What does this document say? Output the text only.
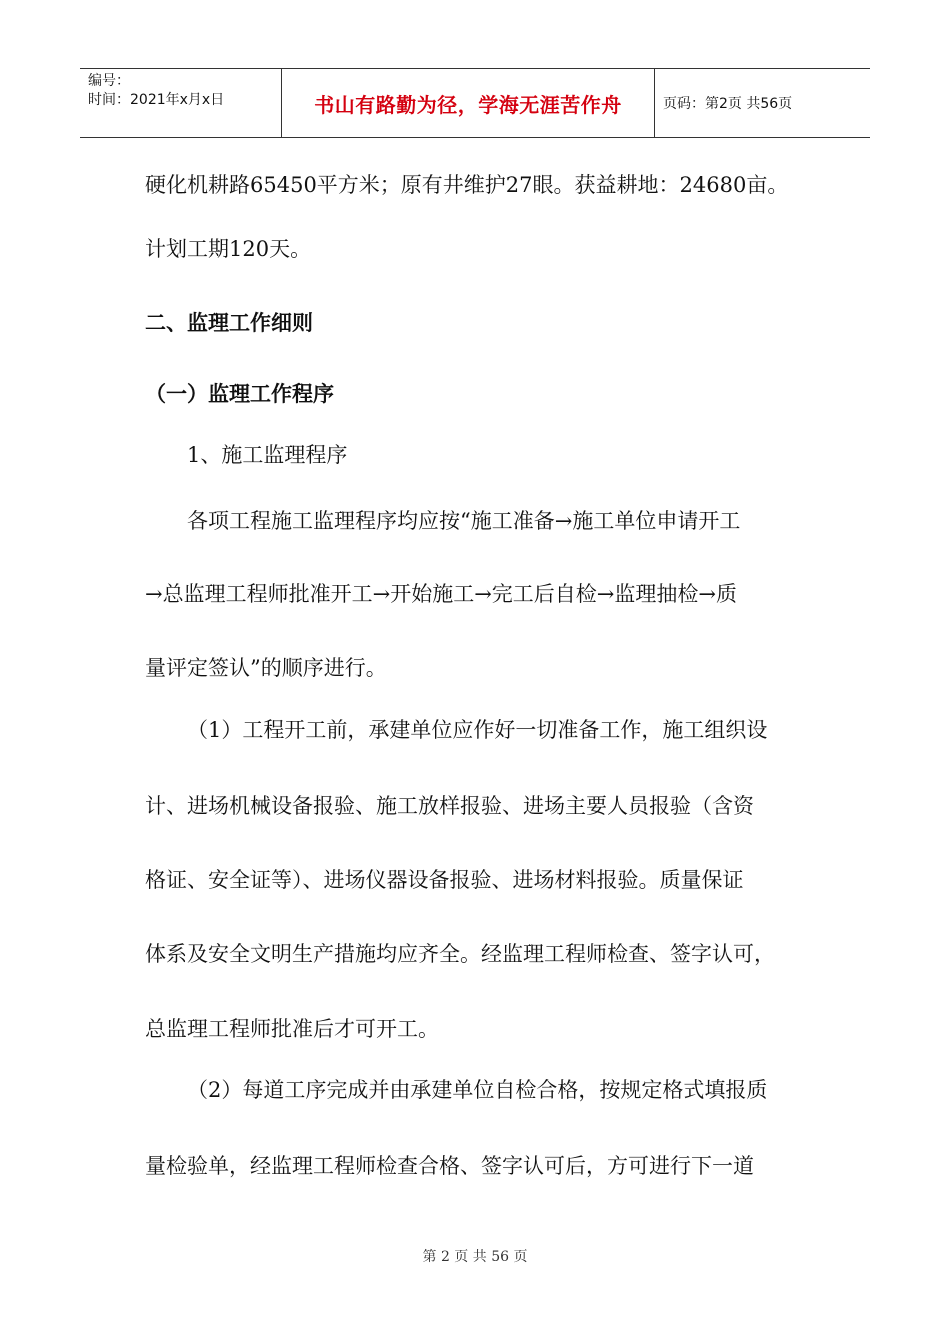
编号：
时间：2021年x月x日	书山有路勤为径，学海无涯苦作舟	页码：第2页 共56页
硬化机耕路65450平方米；原有井维护27眼。获益耕地：24680亩。
计划工期120天。
二、监理工作细则
（一）监理工作程序
1、施工监理程序
各项工程施工监理程序均应按“施工准备→施工单位申请开工
→总监理工程师批准开工→开始施工→完工后自检→监理抽检→质
量评定签认”的顺序进行。
（1）工程开工前，承建单位应作好一切准备工作，施工组织设
计、进场机械设备报验、施工放样报验、进场主要人员报验（含资
格证、安全证等）、进场仪器设备报验、进场材料报验。质量保证
体系及安全文明生产措施均应齐全。经监理工程师检查、签字认可，
总监理工程师批准后才可开工。
（2）每道工序完成并由承建单位自检合格，按规定格式填报质
量检验单，经监理工程师检查合格、签字认可后，方可进行下一道
第 2 页 共 56 页
